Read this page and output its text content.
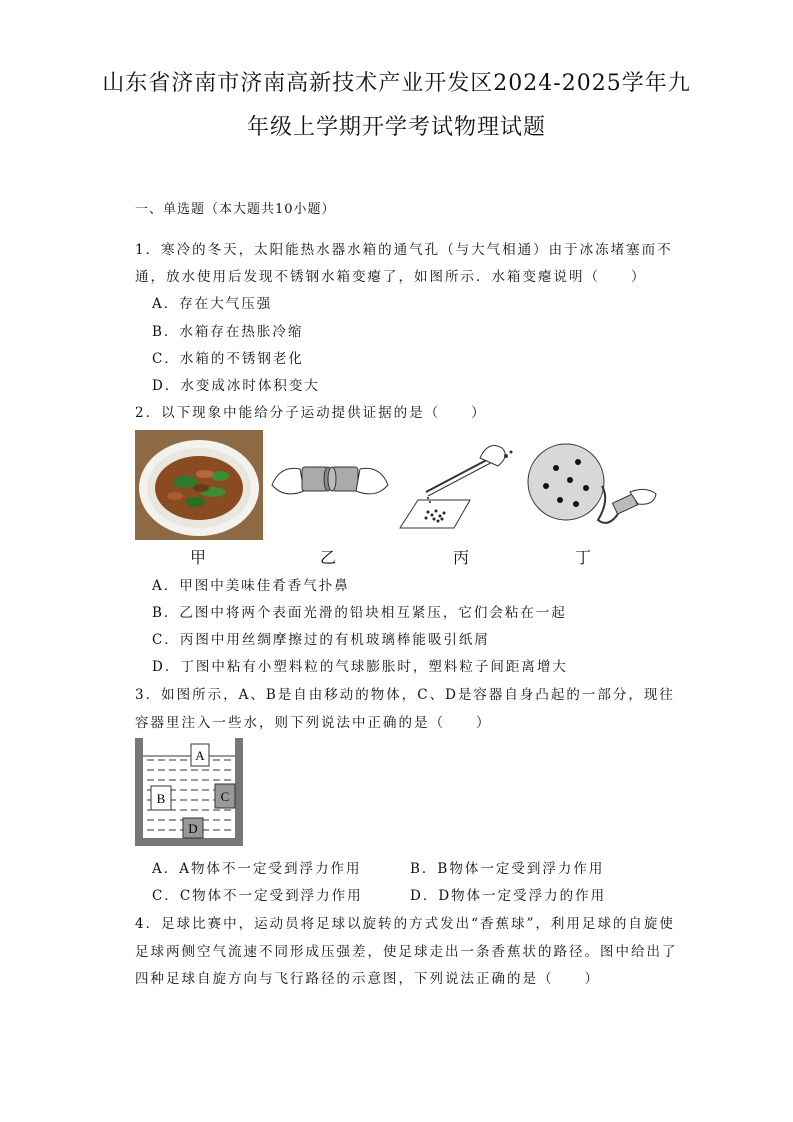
山东省济南市济南高新技术产业开发区2024-2025学年九
年级上学期开学考试物理试题
一、单选题（本大题共10小题）
1．寒冷的冬天，太阳能热水器水箱的通气孔（与大气相通）由于冰冻堵塞而不
通，放水使用后发现不锈钢水箱变瘪了，如图所示．水箱变瘪说明（　　）
A．存在大气压强
B．水箱存在热胀冷缩
C．水箱的不锈钢老化
D．水变成冰时体积变大
2．以下现象中能给分子运动提供证据的是（　　）
甲	乙	丙	丁
A．甲图中美味佳肴香气扑鼻
B．乙图中将两个表面光滑的铅块相互紧压，它们会粘在一起
C．丙图中用丝绸摩擦过的有机玻璃棒能吸引纸屑
D．丁图中粘有小塑料粒的气球膨胀时，塑料粒子间距离增大
3．如图所示，A、B是自由移动的物体，C、D是容器自身凸起的一部分，现往
容器里注入一些水，则下列说法中正确的是（　　）
A
B	C
D
A．A物体不一定受到浮力作用	B．B物体一定受到浮力作用
C．C物体不一定受到浮力作用	D．D物体一定受浮力的作用
4．足球比赛中，运动员将足球以旋转的方式发出“香蕉球”，利用足球的自旋使
足球两侧空气流速不同形成压强差，使足球走出一条香蕉状的路径。图中给出了
四种足球自旋方向与飞行路径的示意图，下列说法正确的是（　　）
